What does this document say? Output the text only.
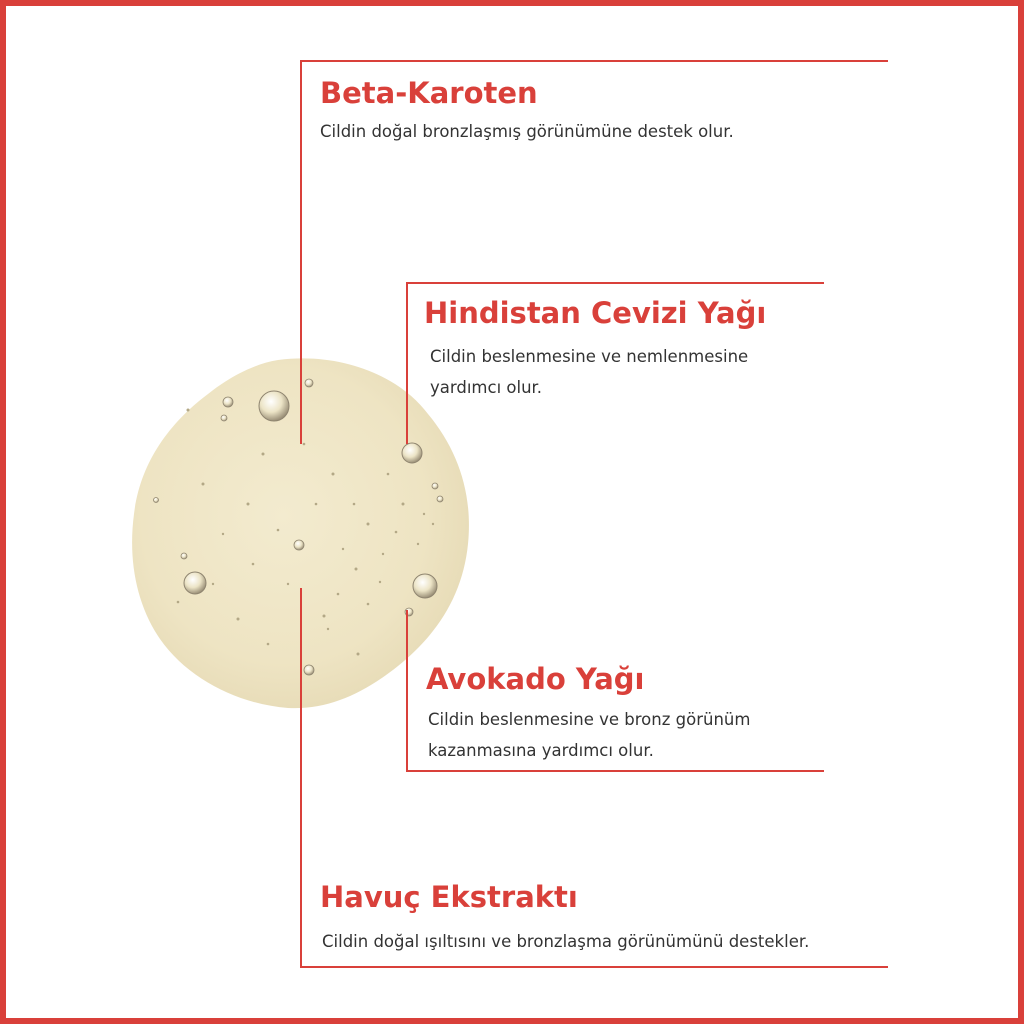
Beta-Karoten

Cildin doğal bronzlaşmış görünümüne destek olur.

Hindistan Cevizi Yağı

Cildin beslenmesine ve nemlenmesine
yardımcı olur.

Avokado Yağı

Cildin beslenmesine ve bronz görünüm
kazanmasına yardımcı olur.

Havuç Ekstraktı

Cildin doğal ışıltısını ve bronzlaşma görünümünü destekler.
